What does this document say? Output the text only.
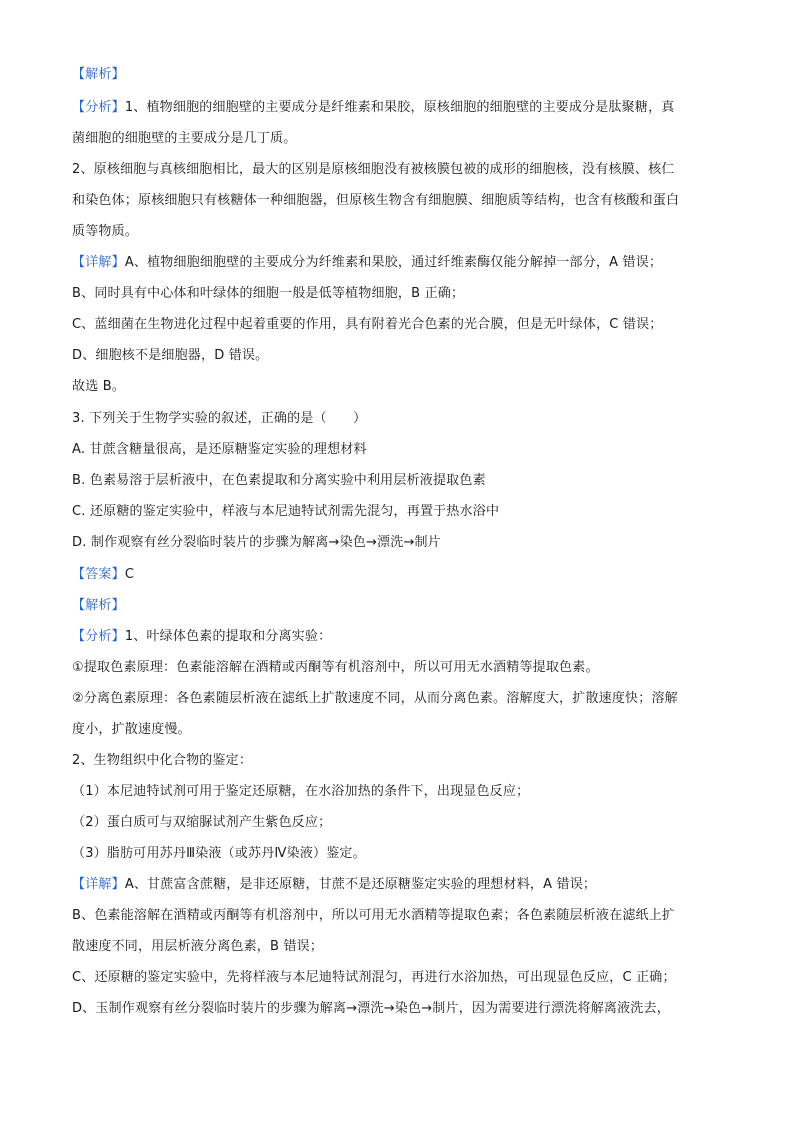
【解析】
【分析】1、植物细胞的细胞壁的主要成分是纤维素和果胶，原核细胞的细胞壁的主要成分是肽聚糖，真
菌细胞的细胞壁的主要成分是几丁质。
2、原核细胞与真核细胞相比，最大的区别是原核细胞没有被核膜包被的成形的细胞核，没有核膜、核仁
和染色体；原核细胞只有核糖体一种细胞器，但原核生物含有细胞膜、细胞质等结构，也含有核酸和蛋白
质等物质。
【详解】A、植物细胞细胞壁的主要成分为纤维素和果胶，通过纤维素酶仅能分解掉一部分，A 错误；
B、同时具有中心体和叶绿体的细胞一般是低等植物细胞，B 正确；
C、蓝细菌在生物进化过程中起着重要的作用，具有附着光合色素的光合膜，但是无叶绿体，C 错误；
D、细胞核不是细胞器，D 错误。
故选 B。
3. 下列关于生物学实验的叙述，正确的是（　　）
A. 甘蔗含糖量很高，是还原糖鉴定实验的理想材料
B. 色素易溶于层析液中，在色素提取和分离实验中利用层析液提取色素
C. 还原糖的鉴定实验中，样液与本尼迪特试剂需先混匀，再置于热水浴中
D. 制作观察有丝分裂临时装片的步骤为解离→染色→漂洗→制片
【答案】C
【解析】
【分析】1、叶绿体色素的提取和分离实验：
①提取色素原理：色素能溶解在酒精或丙酮等有机溶剂中，所以可用无水酒精等提取色素。
②分离色素原理：各色素随层析液在滤纸上扩散速度不同，从而分离色素。溶解度大，扩散速度快；溶解
度小，扩散速度慢。
2、生物组织中化合物的鉴定：
（1）本尼迪特试剂可用于鉴定还原糖，在水浴加热的条件下，出现显色反应；
（2）蛋白质可与双缩脲试剂产生紫色反应；
（3）脂肪可用苏丹Ⅲ染液（或苏丹Ⅳ染液）鉴定。
【详解】A、甘蔗富含蔗糖，是非还原糖，甘蔗不是还原糖鉴定实验的理想材料，A 错误；
B、色素能溶解在酒精或丙酮等有机溶剂中，所以可用无水酒精等提取色素；各色素随层析液在滤纸上扩
散速度不同，用层析液分离色素，B 错误；
C、还原糖的鉴定实验中，先将样液与本尼迪特试剂混匀，再进行水浴加热，可出现显色反应，C 正确；
D、玉制作观察有丝分裂临时装片的步骤为解离→漂洗→染色→制片，因为需要进行漂洗将解离液洗去，
